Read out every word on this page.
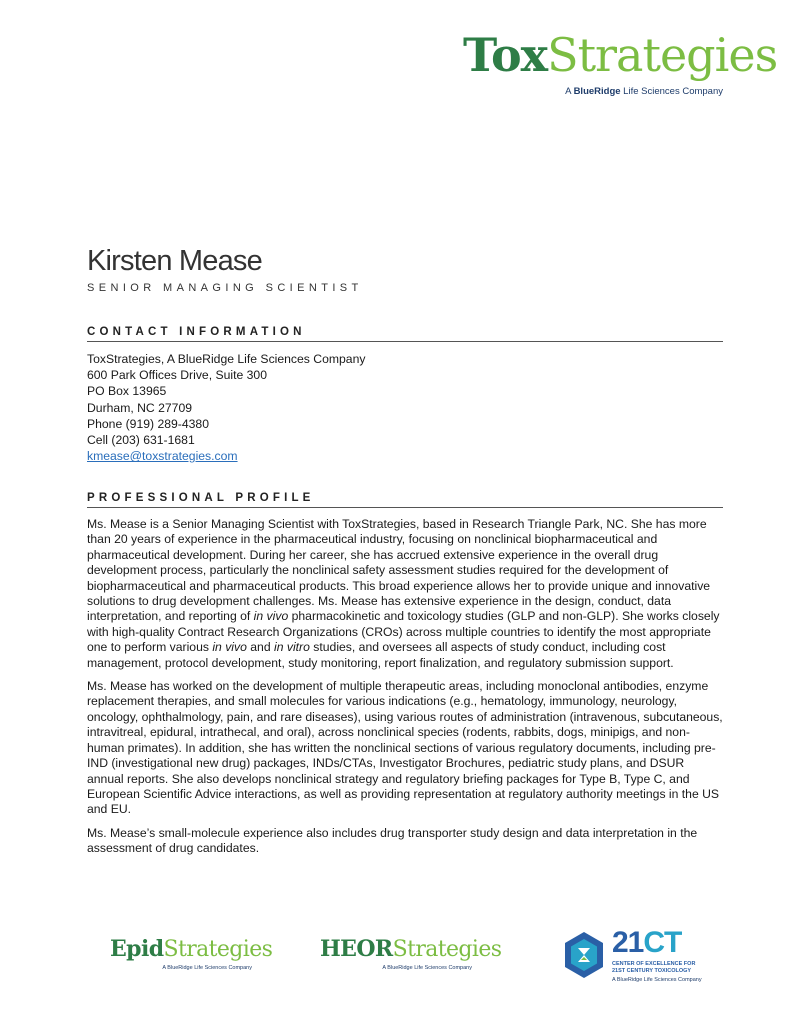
ToxStrategies
A BlueRidge Life Sciences Company
Kirsten Mease
SENIOR MANAGING SCIENTIST
CONTACT INFORMATION
ToxStrategies, A BlueRidge Life Sciences Company
600 Park Offices Drive, Suite 300
PO Box 13965
Durham, NC 27709
Phone (919) 289-4380
Cell (203) 631-1681
kmease@toxstrategies.com
PROFESSIONAL PROFILE

Ms. Mease is a Senior Managing Scientist with ToxStrategies, based in Research Triangle Park, NC. She has more than 20 years of experience in the pharmaceutical industry, focusing on nonclinical biopharmaceutical and pharmaceutical development. During her career, she has accrued extensive experience in the overall drug development process, particularly the nonclinical safety assessment studies required for the development of biopharmaceutical and pharmaceutical products. This broad experience allows her to provide unique and innovative solutions to drug development challenges. Ms. Mease has extensive experience in the design, conduct, data interpretation, and reporting of in vivo pharmacokinetic and toxicology studies (GLP and non-GLP). She works closely with high-quality Contract Research Organizations (CROs) across multiple countries to identify the most appropriate one to perform various in vivo and in vitro studies, and oversees all aspects of study conduct, including cost management, protocol development, study monitoring, report finalization, and regulatory submission support.

Ms. Mease has worked on the development of multiple therapeutic areas, including monoclonal antibodies, enzyme replacement therapies, and small molecules for various indications (e.g., hematology, immunology, neurology, oncology, ophthalmology, pain, and rare diseases), using various routes of administration (intravenous, subcutaneous, intravitreal, epidural, intrathecal, and oral), across nonclinical species (rodents, rabbits, dogs, minipigs, and non-human primates). In addition, she has written the nonclinical sections of various regulatory documents, including pre-IND (investigational new drug) packages, INDs/CTAs, Investigator Brochures, pediatric study plans, and DSUR annual reports. She also develops nonclinical strategy and regulatory briefing packages for Type B, Type C, and European Scientific Advice interactions, as well as providing representation at regulatory authority meetings in the US and EU.

Ms. Mease’s small-molecule experience also includes drug transporter study design and data interpretation in the assessment of drug candidates.

EpidStrategies
A BlueRidge Life Sciences Company
HEORStrategies
A BlueRidge Life Sciences Company
21CT
CENTER OF EXCELLENCE FOR
21ST CENTURY TOXICOLOGY
A BlueRidge Life Sciences Company
